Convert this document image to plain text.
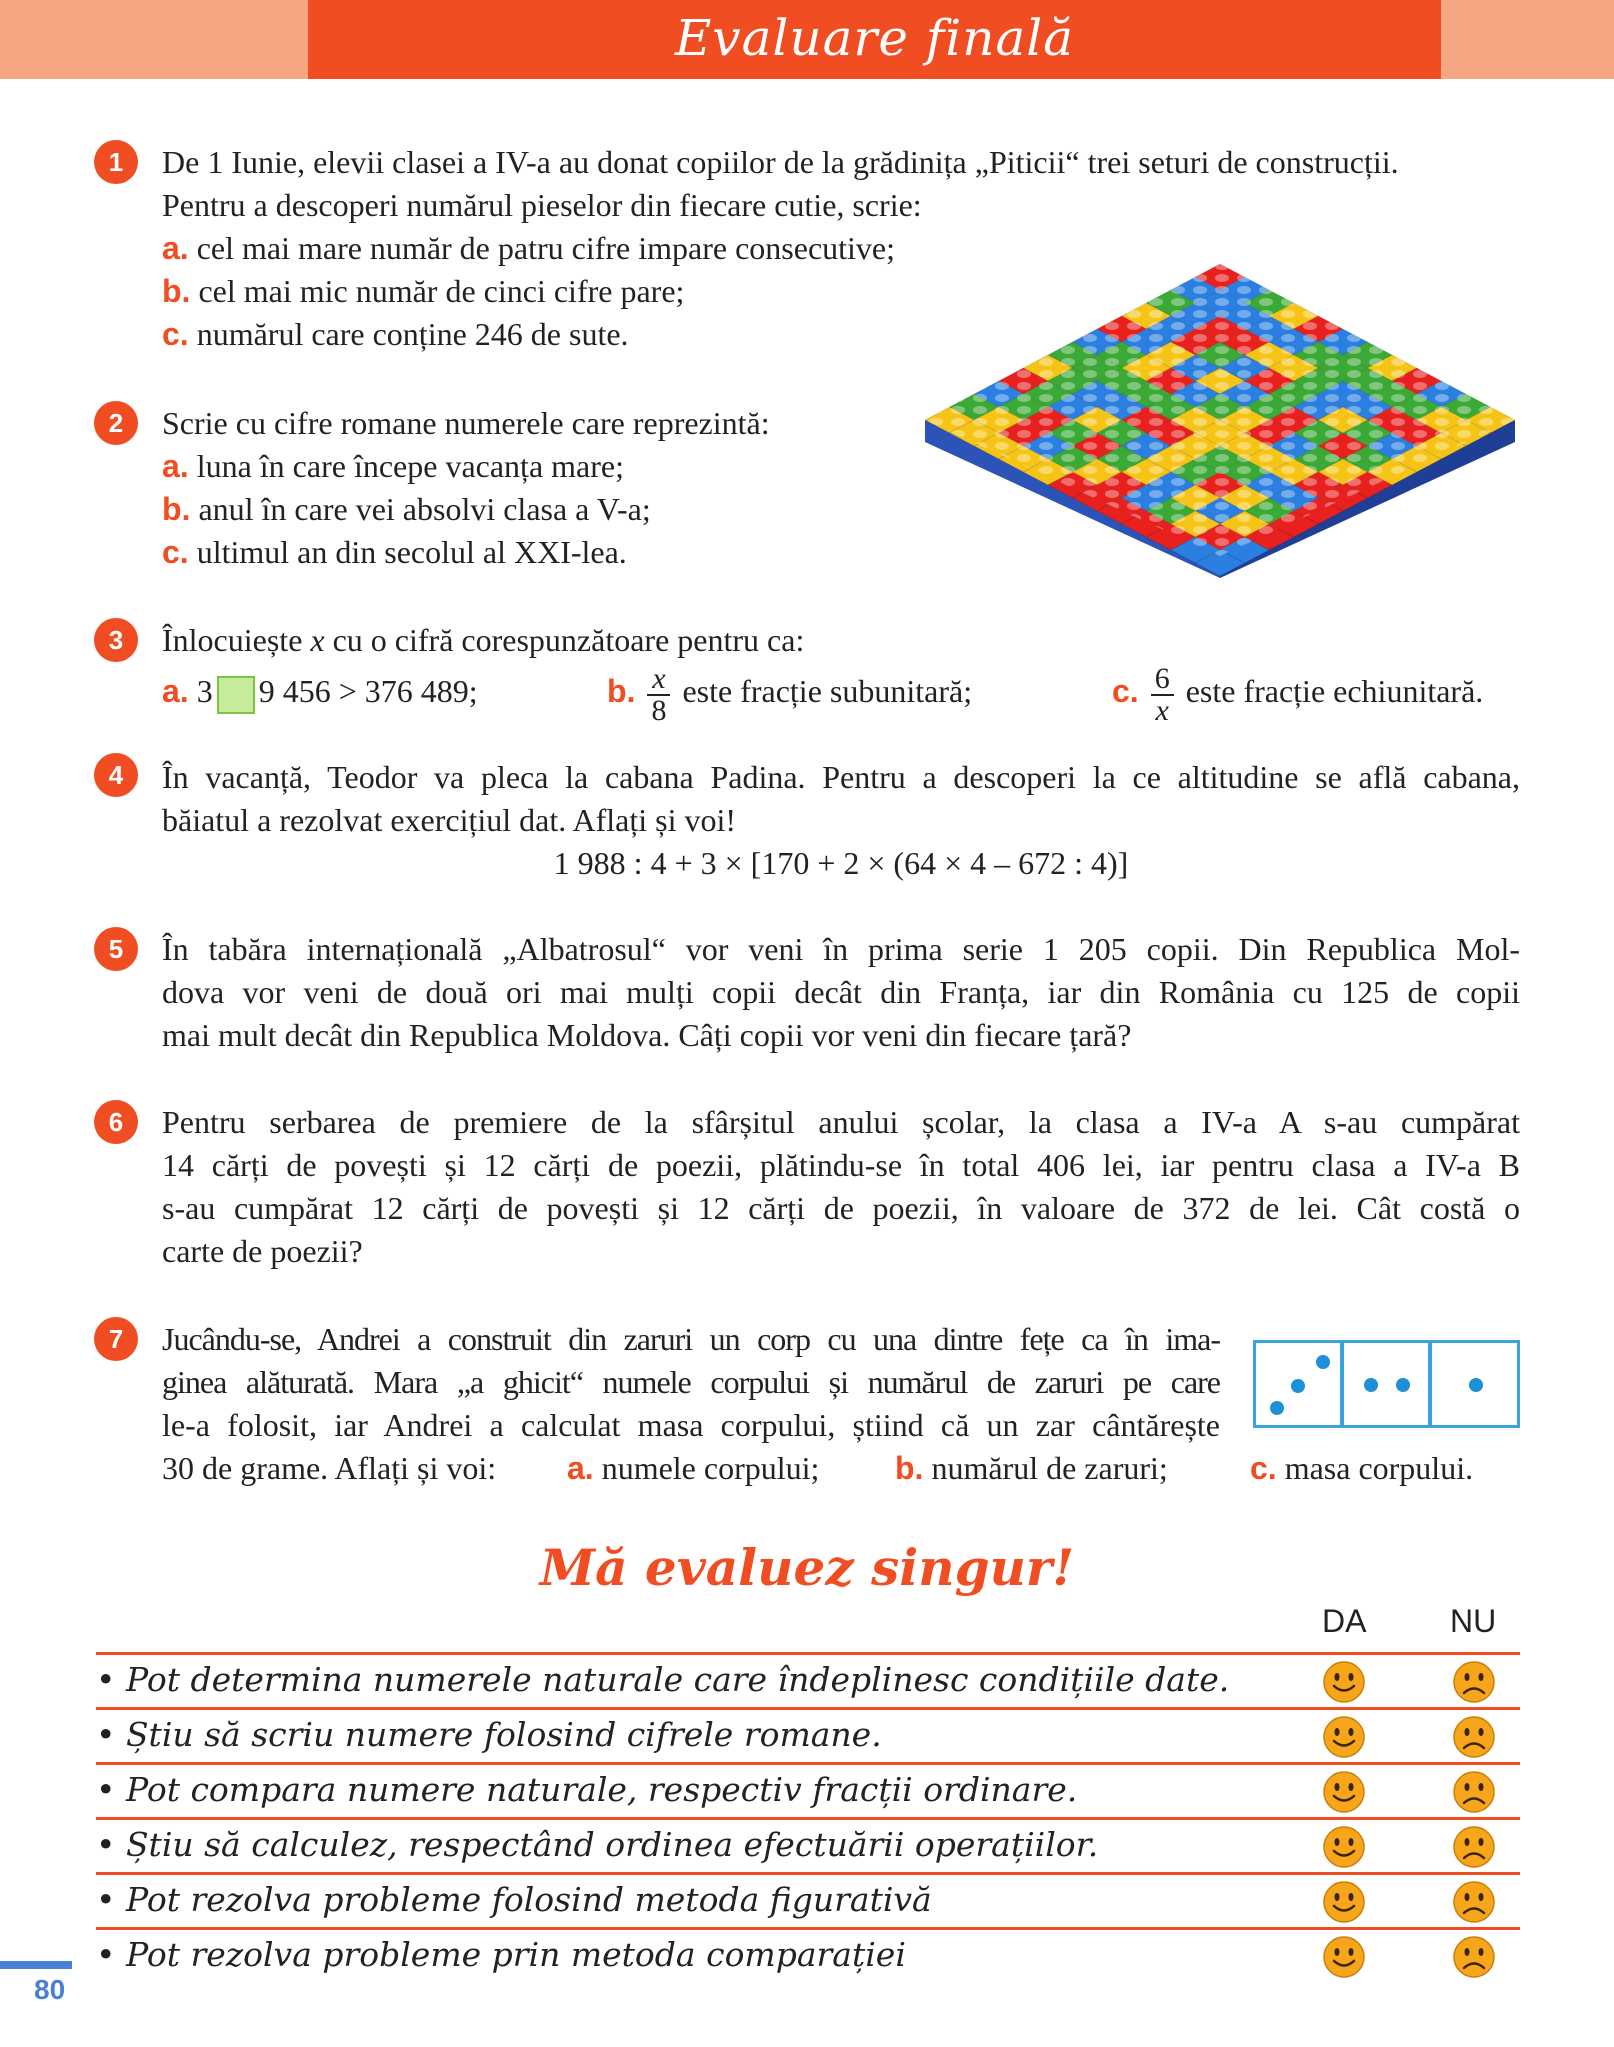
Evaluare finală
1	De 1 Iunie, elevii clasei a IV-a au donat copiilor de la grădinița „Piticii“ trei seturi de construcții.
Pentru a descoperi numărul pieselor din fiecare cutie, scrie:
a. cel mai mare număr de patru cifre impare consecutive;
b. cel mai mic număr de cinci cifre pare;
c. numărul care conține 246 de sute.
2	Scrie cu cifre romane numerele care reprezintă:
a. luna în care începe vacanța mare;
b. anul în care vei absolvi clasa a V-a;
c. ultimul an din secolul al XXI-lea.
3	Înlocuiește x cu o cifră corespunzătoare pentru ca:
a. 3 9 456 > 376 489;	b. $\frac{x}{8}$ este fracție subunitară;	c. $\frac{6}{x}$ este fracție echiunitară.
4	În vacanță, Teodor va pleca la cabana Padina. Pentru a descoperi la ce altitudine se află cabana,
băiatul a rezolvat exercițiul dat. Aflați și voi!
1 988 : 4 + 3 × [170 + 2 × (64 × 4 – 672 : 4)]
5	În tabăra internațională „Albatrosul“ vor veni în prima serie 1 205 copii. Din Republica Mol-
dova vor veni de două ori mai mulți copii decât din Franța, iar din România cu 125 de copii
mai mult decât din Republica Moldova. Câți copii vor veni din fiecare țară?
6	Pentru serbarea de premiere de la sfârșitul anului școlar, la clasa a IV-a A s-au cumpărat
14 cărți de povești și 12 cărți de poezii, plătindu-se în total 406 lei, iar pentru clasa a IV-a B
s-au cumpărat 12 cărți de povești și 12 cărți de poezii, în valoare de 372 de lei. Cât costă o
carte de poezii?
7	Jucându-se, Andrei a construit din zaruri un corp cu una dintre fețe ca în ima-
ginea alăturată. Mara „a ghicit“ numele corpului și numărul de zaruri pe care
le-a folosit, iar Andrei a calculat masa corpului, știind că un zar cântărește
30 de grame. Aflați și voi: a. numele corpului; b. numărul de zaruri;	c. masa corpului.
Mă evaluez singur!
DA	NU
• Pot determina numerele naturale care îndeplinesc condițiile date.
• Știu să scriu numere folosind cifrele romane.
• Pot compara numere naturale, respectiv fracții ordinare.
• Știu să calculez, respectând ordinea efectuării operațiilor.
• Pot rezolva probleme folosind metoda figurativă
• Pot rezolva probleme prin metoda comparației
80
